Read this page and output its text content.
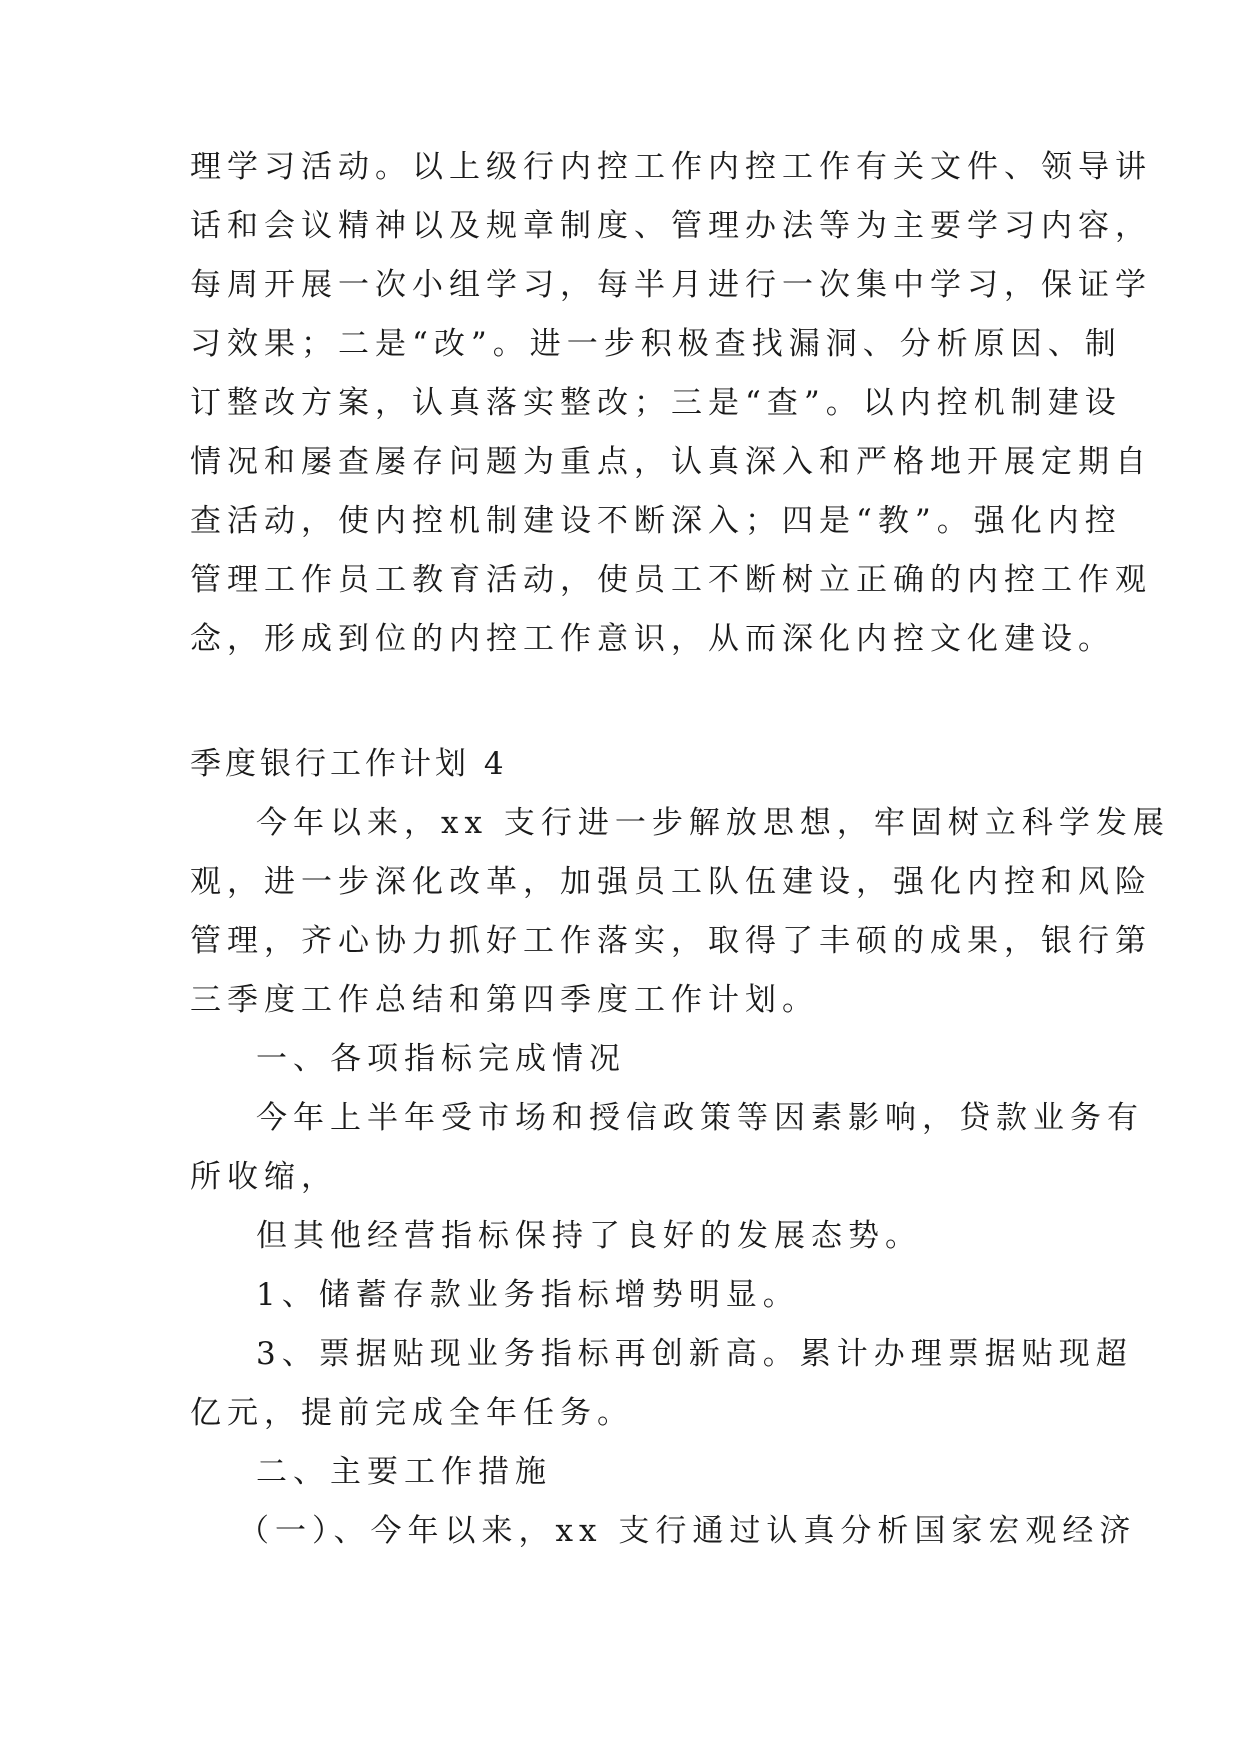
理学习活动。以上级行内控工作内控工作有关文件、领导讲
话和会议精神以及规章制度、管理办法等为主要学习内容，
每周开展一次小组学习，每半月进行一次集中学习，保证学
习效果；二是“改”。进一步积极查找漏洞、分析原因、制
订整改方案，认真落实整改；三是“查”。以内控机制建设
情况和屡查屡存问题为重点，认真深入和严格地开展定期自
查活动，使内控机制建设不断深入；四是“教”。强化内控
管理工作员工教育活动，使员工不断树立正确的内控工作观
念，形成到位的内控工作意识，从而深化内控文化建设。
季度银行工作计划 4
今年以来，xx 支行进一步解放思想，牢固树立科学发展
观，进一步深化改革，加强员工队伍建设，强化内控和风险
管理，齐心协力抓好工作落实，取得了丰硕的成果，银行第
三季度工作总结和第四季度工作计划。
一、各项指标完成情况
今年上半年受市场和授信政策等因素影响，贷款业务有
所收缩，
但其他经营指标保持了良好的发展态势。
1、储蓄存款业务指标增势明显。
3、票据贴现业务指标再创新高。累计办理票据贴现超
亿元，提前完成全年任务。
二、主要工作措施
（一）、今年以来，xx 支行通过认真分析国家宏观经济
